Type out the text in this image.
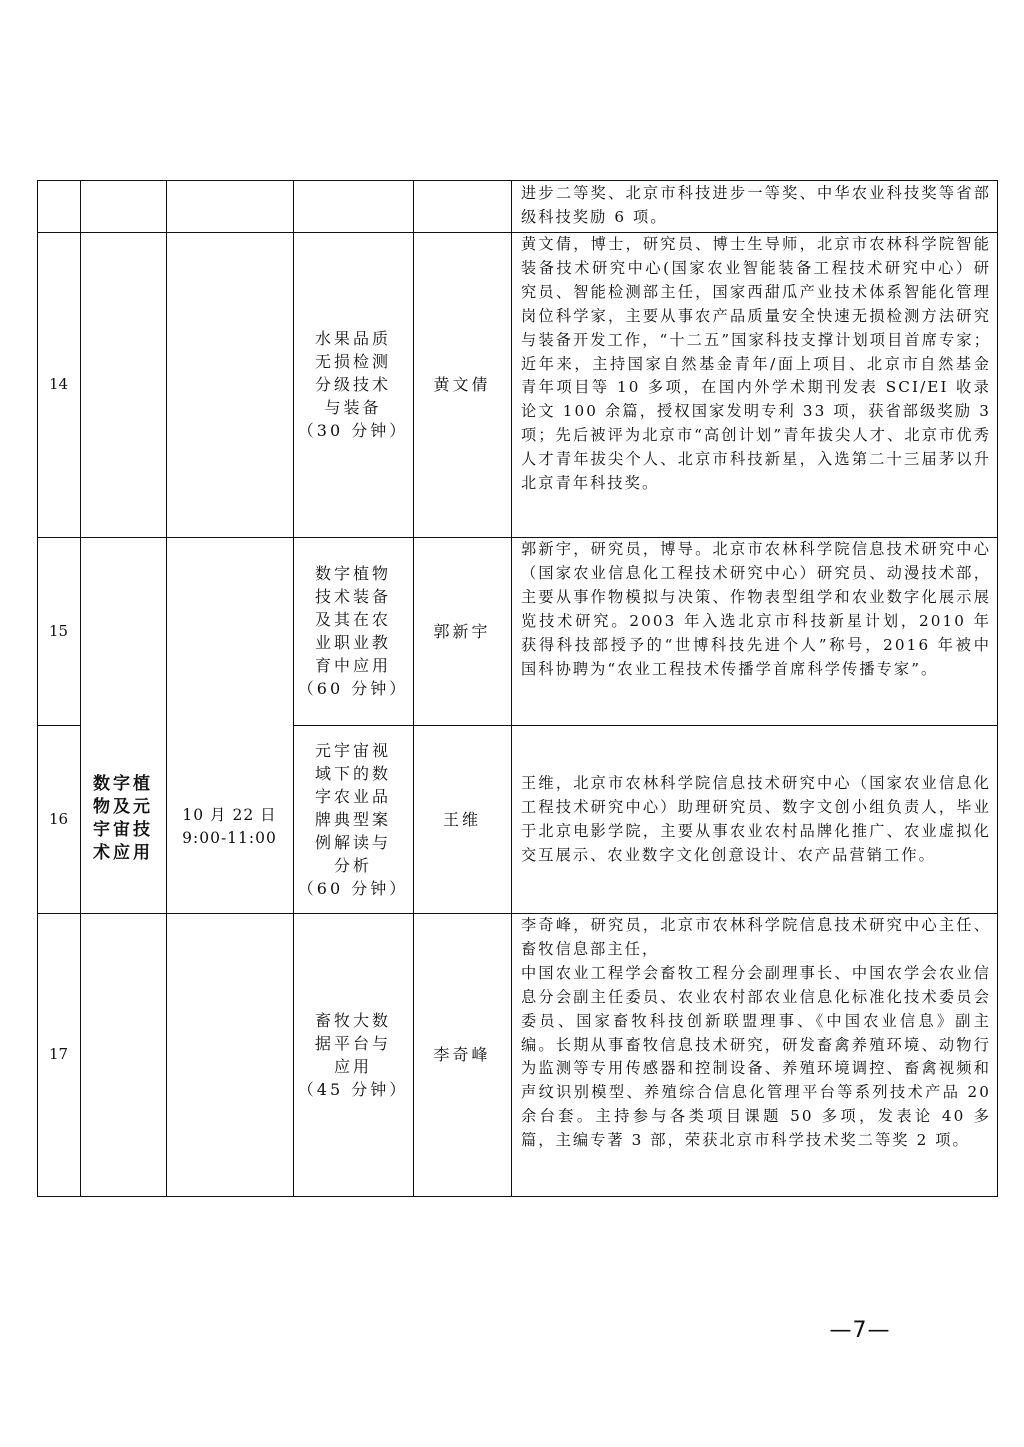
进步二等奖、北京市科技进步一等奖、中华农业科技奖等省部级科技奖励 6 项。

14
水果品质
无损检测
分级技术
与装备
（30 分钟）
黄文倩

黄文倩，博士，研究员、博士生导师，北京市农林科学院智能装备技术研究中心(国家农业智能装备工程技术研究中心）研究员、智能检测部主任，国家西甜瓜产业技术体系智能化管理岗位科学家，主要从事农产品质量安全快速无损检测方法研究与装备开发工作，“十二五”国家科技支撑计划项目首席专家；近年来，主持国家自然基金青年/面上项目、北京市自然基金青年项目等 10 多项，在国内外学术期刊发表 SCI/EI 收录论文 100 余篇，授权国家发明专利 33 项，获省部级奖励 3 项；先后被评为北京市“高创计划”青年拔尖人才、北京市优秀人才青年拔尖个人、北京市科技新星，入选第二十三届茅以升北京青年科技奖。

15
数字植物
技术装备
及其在农
业职业教
育中应用
（60 分钟）
郭新宇

郭新宇，研究员，博导。北京市农林科学院信息技术研究中心（国家农业信息化工程技术研究中心）研究员、动漫技术部，主要从事作物模拟与决策、作物表型组学和农业数字化展示展览技术研究。2003 年入选北京市科技新星计划，2010 年获得科技部授予的“世博科技先进个人”称号，2016 年被中国科协聘为“农业工程技术传播学首席科学传播专家”。

数字植
物及元
宇宙技
术应用
10 月 22 日
9:00-11:00
16
元宇宙视
域下的数
字农业品
牌典型案
例解读与
分析
（60 分钟）
王维

王维，北京市农林科学院信息技术研究中心（国家农业信息化工程技术研究中心）助理研究员、数字文创小组负责人，毕业于北京电影学院，主要从事农业农村品牌化推广、农业虚拟化交互展示、农业数字文化创意设计、农产品营销工作。

17
畜牧大数
据平台与
应用
（45 分钟）
李奇峰

李奇峰，研究员，北京市农林科学院信息技术研究中心主任、畜牧信息部主任，

中国农业工程学会畜牧工程分会副理事长、中国农学会农业信息分会副主任委员、农业农村部农业信息化标准化技术委员会委员、国家畜牧科技创新联盟理事、《中国农业信息》副主编。长期从事畜牧信息技术研究，研发畜禽养殖环境、动物行为监测等专用传感器和控制设备、养殖环境调控、畜禽视频和声纹识别模型、养殖综合信息化管理平台等系列技术产品 20 余台套。主持参与各类项目课题 50 多项，发表论 40 多篇，主编专著 3 部，荣获北京市科学技术奖二等奖 2 项。

—7—
